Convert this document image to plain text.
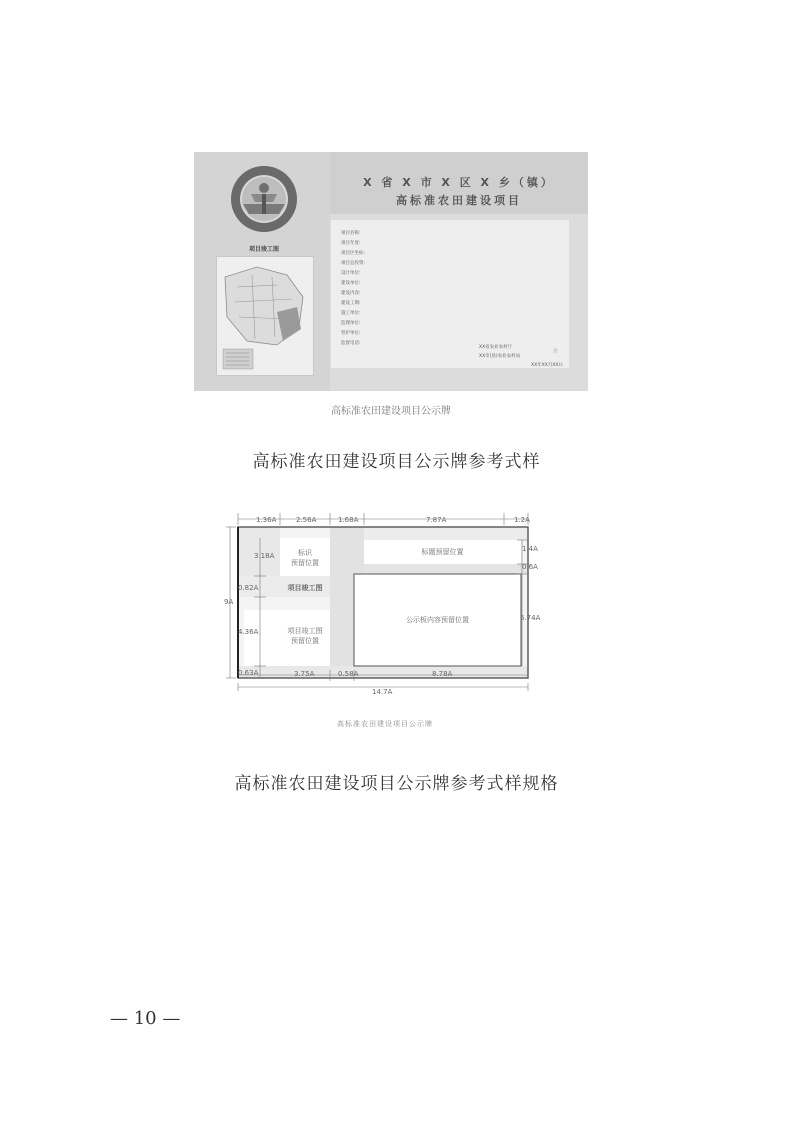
X 省 X 市 X 区 X 乡（镇）
高标准农田建设项目
项目竣工图
项目名称:
项目年度:
项目区坐标:
项目总投资:
设计单位:
建设单位:
建设内容:
建设工期:
施工单位:
监理单位:
管护单位:
监督电话:
XX省农业农村厅
XX市(县)农业农村局
立
XX年XX月XX日
高标准农田建设项目公示牌
高标准农田建设项目公示牌参考式样
1.36A	2.56A	1.68A	7.87A	1.2A
3.18A
0.82A
4.36A
0.63A
9A
1.4A
0.6A
5.74A
3.75A	0.58A	8.78A
14.7A
标识
预留位置
项目竣工图
项目竣工图
预留位置
标题预留位置
公示板内容预留位置
高标准农田建设项目公示牌
高标准农田建设项目公示牌参考式样规格
— 10 —
